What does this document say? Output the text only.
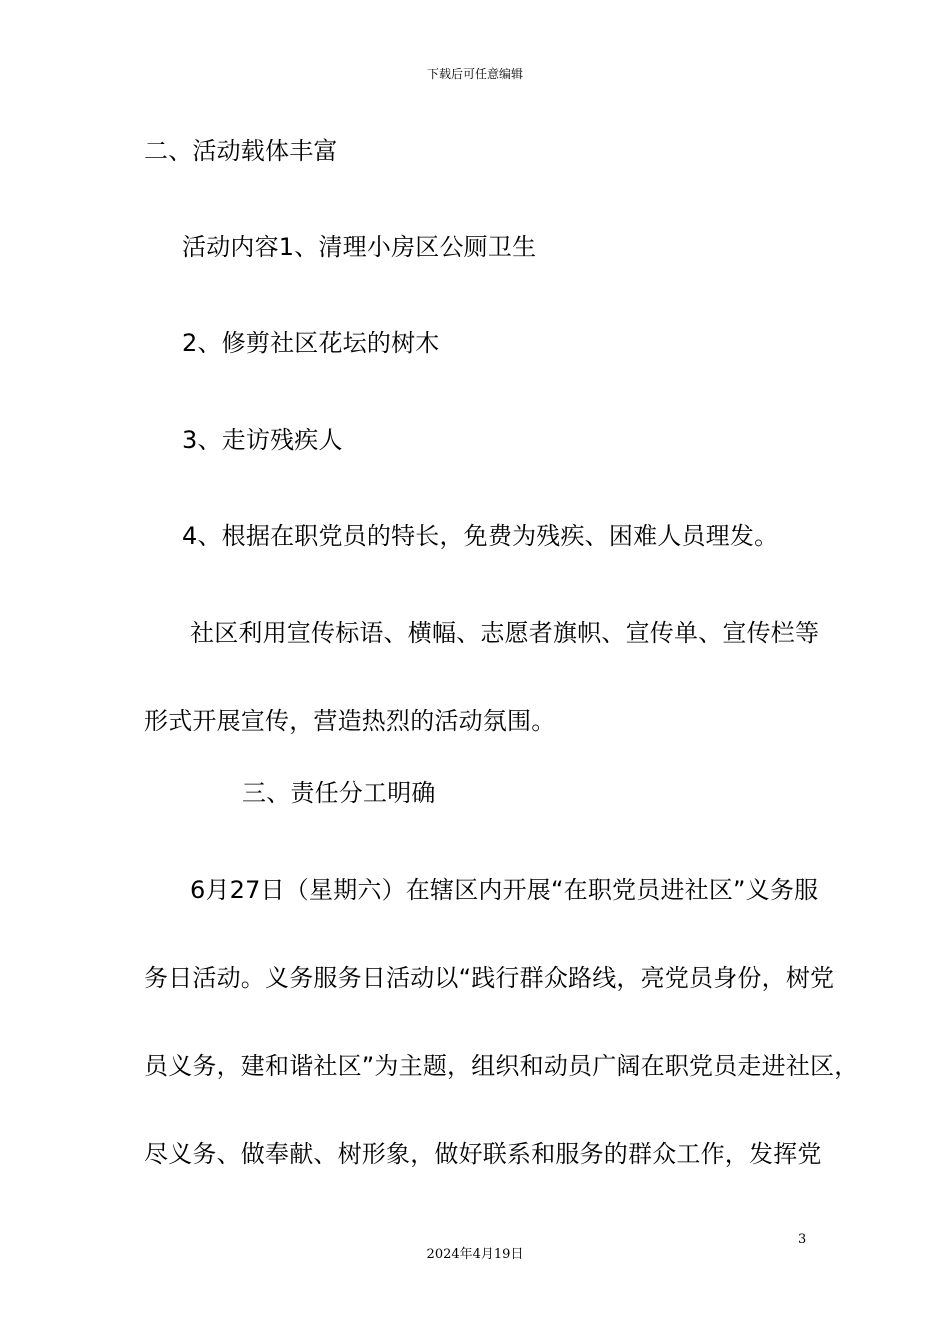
下载后可任意编辑
二、活动载体丰富
活动内容1、清理小房区公厕卫生
2、修剪社区花坛的树木
3、走访残疾人
4、根据在职党员的特长，免费为残疾、困难人员理发。
社区利用宣传标语、横幅、志愿者旗帜、宣传单、宣传栏等
形式开展宣传，营造热烈的活动氛围。
三、责任分工明确
6月27日（星期六）在辖区内开展“在职党员进社区”义务服
务日活动。义务服务日活动以“践行群众路线，亮党员身份，树党
员义务，建和谐社区”为主题，组织和动员广阔在职党员走进社区，
尽义务、做奉献、树形象，做好联系和服务的群众工作，发挥党
3
2024年4月19日
